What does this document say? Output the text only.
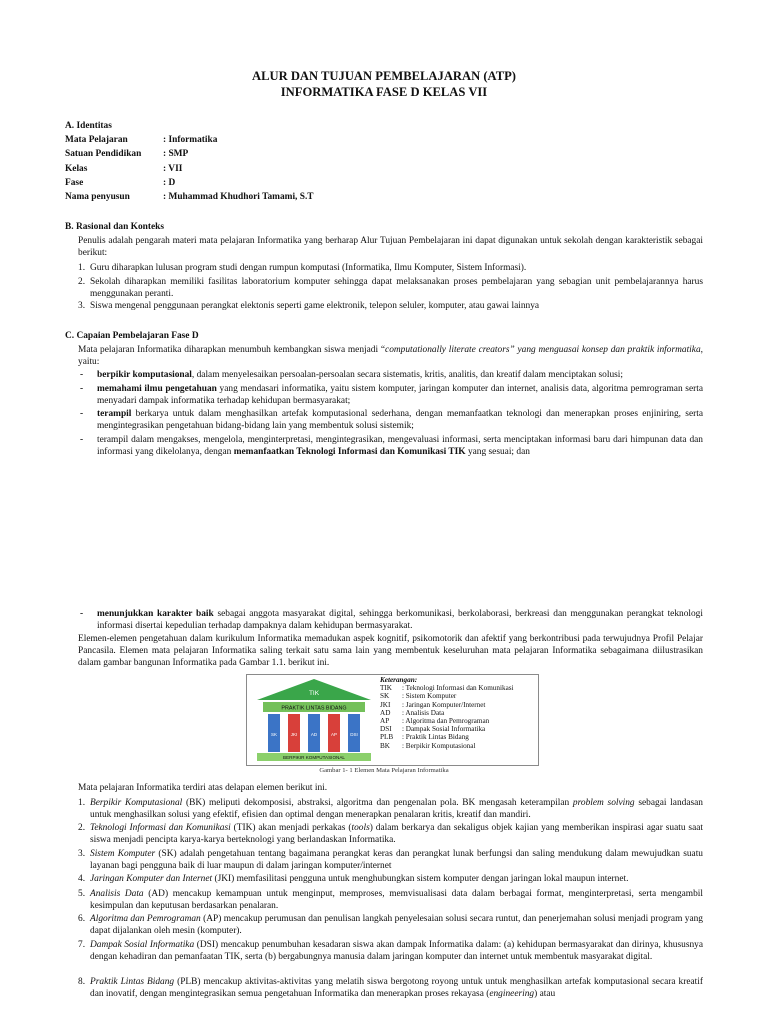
ALUR DAN TUJUAN PEMBELAJARAN (ATP)
INFORMATIKA FASE D KELAS VII
A. Identitas
Mata Pelajaran	: Informatika
Satuan Pendidikan : SMP
Kelas	: VII
Fase	: D
Nama penyusun	: Muhammad Khudhori Tamami, S.T
B. Rasional dan Konteks
Penulis adalah pengarah materi mata pelajaran Informatika yang berharap Alur Tujuan Pembelajaran ini dapat digunakan untuk sekolah dengan karakteristik sebagai berikut:
1. Guru diharapkan lulusan program studi dengan rumpun komputasi (Informatika, Ilmu Komputer, Sistem Informasi).
2. Sekolah diharapkan memiliki fasilitas laboratorium komputer sehingga dapat melaksanakan proses pembelajaran yang sebagian unit pembelajarannya harus menggunakan peranti.
3. Siswa mengenal penggunaan perangkat elektonis seperti game elektronik, telepon seluler, komputer, atau gawai lainnya
C. Capaian Pembelajaran Fase D
Mata pelajaran Informatika diharapkan menumbuh kembangkan siswa menjadi “computationally literate creators” yang menguasai konsep dan praktik informatika, yaitu:
- berpikir komputasional, dalam menyelesaikan persoalan-persoalan secara sistematis, kritis, analitis, dan kreatif dalam menciptakan solusi;
- memahami ilmu pengetahuan yang mendasari informatika, yaitu sistem komputer, jaringan komputer dan internet, analisis data, algoritma pemrograman serta menyadari dampak informatika terhadap kehidupan bermasyarakat;
- terampil berkarya untuk dalam menghasilkan artefak komputasional sederhana, dengan memanfaatkan teknologi dan menerapkan proses enjiniring, serta mengintegrasikan pengetahuan bidang-bidang lain yang membentuk solusi sistemik;
- terampil dalam mengakses, mengelola, menginterpretasi, mengintegrasikan, mengevaluasi informasi, serta menciptakan informasi baru dari himpunan data dan informasi yang dikelolanya, dengan memanfaatkan Teknologi Informasi dan Komunikasi TIK yang sesuai; dan
- menunjukkan karakter baik sebagai anggota masyarakat digital, sehingga berkomunikasi, berkolaborasi, berkreasi dan menggunakan perangkat teknologi informasi disertai kepedulian terhadap dampaknya dalam kehidupan bermasyarakat.
Elemen-elemen pengetahuan dalam kurikulum Informatika memadukan aspek kognitif, psikomotorik dan afektif yang berkontribusi pada terwujudnya Profil Pelajar Pancasila. Elemen mata pelajaran Informatika saling terkait satu sama lain yang membentuk keseluruhan mata pelajaran Informatika sebagaimana diilustrasikan dalam gambar bangunan Informatika pada Gambar 1.1. berikut ini.
TIK
PRAKTIK LINTAS BIDANG
SK	JKI	AD	AP	DSI
BERPIKIR KOMPUTASIONAL
Keterangan:
TIK : Teknologi Informasi dan Komunikasi
SK : Sistem Komputer
JKI : Jaringan Komputer/Internet
AD : Analisis Data
AP : Algoritma dan Pemrograman
DSI : Dampak Sosial Informatika
PLB : Praktik Lintas Bidang
BK : Berpikir Komputasional
Gambar 1- 1 Elemen Mata Pelajaran Informatika
Mata pelajaran Informatika terdiri atas delapan elemen berikut ini.
1. Berpikir Komputasional (BK) meliputi dekomposisi, abstraksi, algoritma dan pengenalan pola. BK mengasah keterampilan problem solving sebagai landasan untuk menghasilkan solusi yang efektif, efisien dan optimal dengan menerapkan penalaran kritis, kreatif dan mandiri.
2. Teknologi Informasi dan Komunikasi (TIK) akan menjadi perkakas (tools) dalam berkarya dan sekaligus objek kajian yang memberikan inspirasi agar suatu saat siswa menjadi pencipta karya-karya berteknologi yang berlandaskan Informatika.
3. Sistem Komputer (SK) adalah pengetahuan tentang bagaimana perangkat keras dan perangkat lunak berfungsi dan saling mendukung dalam mewujudkan suatu layanan bagi pengguna baik di luar maupun di dalam jaringan komputer/internet
4. Jaringan Komputer dan Internet (JKI) memfasilitasi pengguna untuk menghubungkan sistem komputer dengan jaringan lokal maupun internet.
5. Analisis Data (AD) mencakup kemampuan untuk menginput, memproses, memvisualisasi data dalam berbagai format, menginterpretasi, serta mengambil kesimpulan dan keputusan berdasarkan penalaran.
6. Algoritma dan Pemrograman (AP) mencakup perumusan dan penulisan langkah penyelesaian solusi secara runtut, dan penerjemahan solusi menjadi program yang dapat dijalankan oleh mesin (komputer).
7. Dampak Sosial Informatika (DSI) mencakup penumbuhan kesadaran siswa akan dampak Informatika dalam: (a) kehidupan bermasyarakat dan dirinya, khususnya dengan kehadiran dan pemanfaatan TIK, serta (b) bergabungnya manusia dalam jaringan komputer dan internet untuk membentuk masyarakat digital.
8. Praktik Lintas Bidang (PLB) mencakup aktivitas-aktivitas yang melatih siswa bergotong royong untuk untuk menghasilkan artefak komputasional secara kreatif dan inovatif, dengan mengintegrasikan semua pengetahuan Informatika dan menerapkan proses rekayasa (engineering) atau
